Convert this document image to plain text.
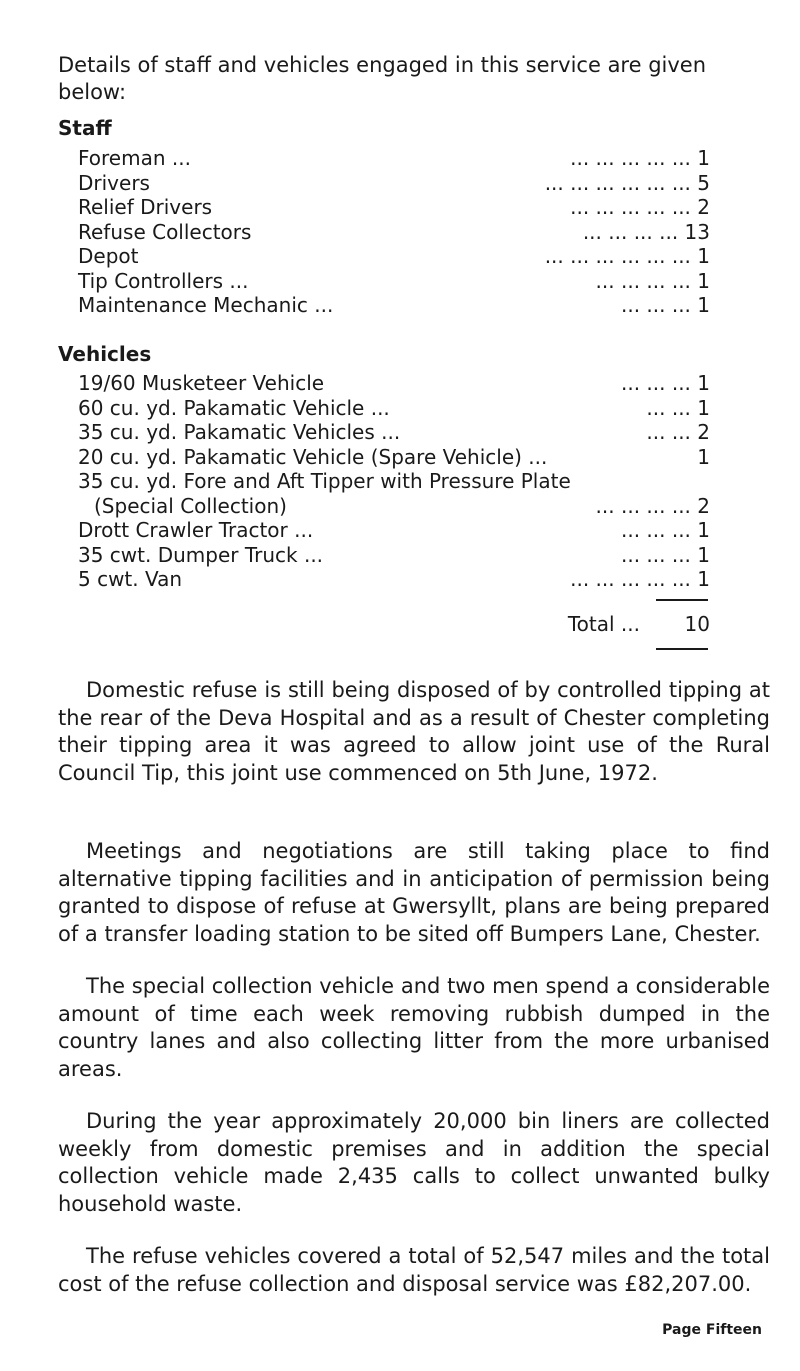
Details of staff and vehicles engaged in this service are given below:

Staff
Foreman ...	... ... ... ... ... 1
Drivers	... ... ... ... ... ... 5
Relief Drivers	... ... ... ... ... 2
Refuse Collectors	... ... ... ... 13
Depot	... ... ... ... ... ... 1
Tip Controllers ...	... ... ... ... 1
Maintenance Mechanic ...	... ... ... 1
Vehicles
19/60 Musketeer Vehicle	... ... ... 1
60 cu. yd. Pakamatic Vehicle ...	... ... 1
35 cu. yd. Pakamatic Vehicles ...	... ... 2
20 cu. yd. Pakamatic Vehicle (Spare Vehicle) ...	1
35 cu. yd. Fore and Aft Tipper with Pressure Plate
(Special Collection)	... ... ... ... 2
Drott Crawler Tractor ...	... ... ... 1
35 cwt. Dumper Truck ...	... ... ... 1
5 cwt. Van	... ... ... ... ... 1
Total ... 10

Domestic refuse is still being disposed of by controlled tipping at the rear of the Deva Hospital and as a result of Chester completing their tipping area it was agreed to allow joint use of the Rural Council Tip, this joint use commenced on 5th June, 1972.

Meetings and negotiations are still taking place to find alternative tipping facilities and in anticipation of permission being granted to dispose of refuse at Gwersyllt, plans are being prepared of a transfer loading station to be sited off Bumpers Lane, Chester.

The special collection vehicle and two men spend a considerable amount of time each week removing rubbish dumped in the country lanes and also collecting litter from the more urbanised areas.

During the year approximately 20,000 bin liners are collected weekly from domestic premises and in addition the special collection vehicle made 2,435 calls to collect unwanted bulky household waste.

The refuse vehicles covered a total of 52,547 miles and the total cost of the refuse collection and disposal service was £82,207.00.

Page Fifteen
